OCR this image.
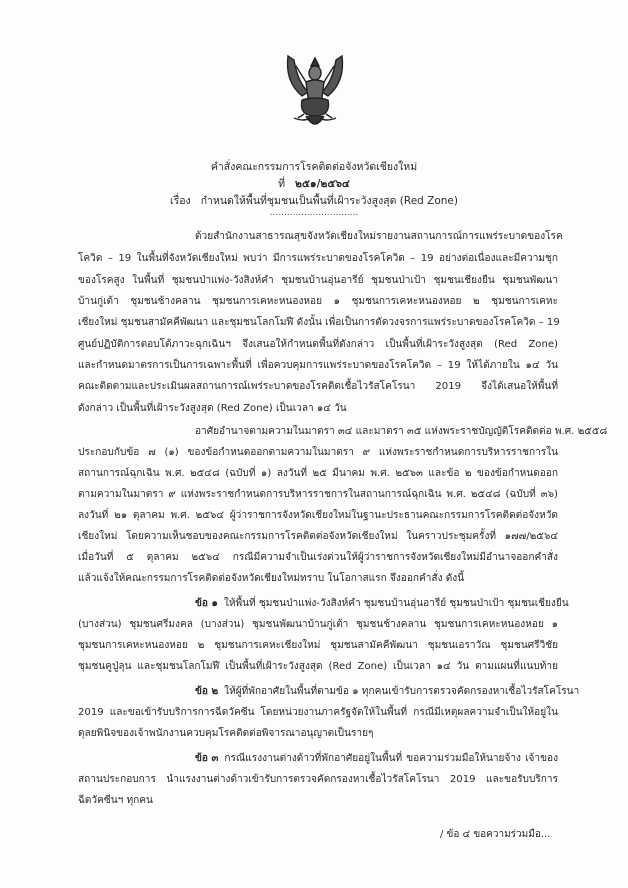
คำสั่งคณะกรรมการโรคติดต่อจังหวัดเชียงใหม่
ที่ ๒๕๑/๒๕๖๔
เรื่อง กำหนดให้พื้นที่ชุมชนเป็นพื้นที่เฝ้าระวังสูงสุด (Red Zone)
...............................
ด้วยสำนักงานสาธารณสุขจังหวัดเชียงใหม่รายงานสถานการณ์การแพร่ระบาดของโรค
โควิด – 19 ในพื้นที่จังหวัดเชียงใหม่ พบว่า มีการแพร่ระบาดของโรคโควิด – 19 อย่างต่อเนื่องและมีความชุก
ของโรคสูง ในพื้นที่ ชุมชนป่าแพ่ง-วังสิงห์คำ ชุมชนบ้านอุ่นอารีย์ ชุมชนป่าเป้า ชุมชนเชียงยืน ชุมชนพัฒนา
บ้านกู่เต้า ชุมชนช้างคลาน ชุมชนการเคหะหนองหอย ๑ ชุมชนการเคหะหนองหอย ๒ ชุมชนการเคหะ
เชียงใหม่ ชุมชนสามัคคีพัฒนา และชุมชนโลกโมฬี ดังนั้น เพื่อเป็นการตัดวงจรการแพร่ระบาดของโรคโควิด – 19
ศูนย์ปฏิบัติการตอบโต้ภาวะฉุกเฉินฯ จึงเสนอให้กำหนดพื้นที่ดังกล่าว เป็นพื้นที่เฝ้าระวังสูงสุด (Red Zone)
และกำหนดมาตรการเป็นการเฉพาะพื้นที่ เพื่อควบคุมการแพร่ระบาดของโรคโควิด – 19 ให้ได้ภายใน ๑๔ วัน
คณะติดตามและประเมินผลสถานการณ์เพร่ระบาดของโรคติดเชื้อไวรัสโคโรนา 2019 จึงได้เสนอให้พื้นที่
ดังกล่าว เป็นพื้นที่เฝ้าระวังสูงสุด (Red Zone) เป็นเวลา ๑๔ วัน
อาศัยอำนาจตามความในมาตรา ๓๔ และมาตรา ๓๕ แห่งพระราชบัญญัติโรคติดต่อ พ.ศ. ๒๕๕๘
ประกอบกับข้อ ๗ (๑) ของข้อกำหนดออกตามความในมาตรา ๙ แห่งพระราชกำหนดการบริหารราชการใน
สถานการณ์ฉุกเฉิน พ.ศ. ๒๕๔๘ (ฉบับที่ ๑) ลงวันที่ ๒๕ มีนาคม พ.ศ. ๒๕๖๓ และข้อ ๒ ของข้อกำหนดออก
ตามความในมาตรา ๙ แห่งพระราชกำหนดการบริหารราชการในสถานการณ์ฉุกเฉิน พ.ศ. ๒๕๔๘ (ฉบับที่ ๓๖)
ลงวันที่ ๒๑ ตุลาคม พ.ศ. ๒๕๖๔ ผู้ว่าราชการจังหวัดเชียงใหม่ในฐานะประธานคณะกรรมการโรคติดต่อจังหวัด
เชียงใหม่ โดยความเห็นชอบของคณะกรรมการโรคติดต่อจังหวัดเชียงใหม่ ในคราวประชุมครั้งที่ ๑๗๗/๒๕๖๔
เมื่อวันที่ ๕ ตุลาคม ๒๕๖๔ กรณีมีความจำเป็นเร่งด่วนให้ผู้ว่าราชการจังหวัดเชียงใหม่มีอำนาจออกคำสั่ง
แล้วแจ้งให้คณะกรรมการโรคติดต่อจังหวัดเชียงใหม่ทราบ ในโอกาสแรก จึงออกคำสั่ง ดังนี้
ข้อ ๑ ให้พื้นที่ ชุมชนป่าแพ่ง-วังสิงห์คำ ชุมชนบ้านอุ่นอารีย์ ชุมชนป่าเป้า ชุมชนเชียงยืน
(บางส่วน) ชุมชนศรีมงคล (บางส่วน) ชุมชนพัฒนาบ้านกู่เต้า ชุมชนช้างคลาน ชุมชนการเคหะหนองหอย ๑
ชุมชนการเคหะหนองหอย ๒ ชุมชนการเคหะเชียงใหม่ ชุมชนสามัคคีพัฒนา ชุมชนเอราวัณ ชุมชนศรีวิชัย
ชุมชนคูปู่ลุน และชุมชนโลกโมฬี เป็นพื้นที่เฝ้าระวังสูงสุด (Red Zone) เป็นเวลา ๑๔ วัน ตามแผนที่แนบท้าย
ข้อ ๒ ให้ผู้ที่พักอาศัยในพื้นที่ตามข้อ ๑ ทุกคนเข้ารับการตรวจคัดกรองหาเชื้อไวรัสโคโรนา
2019 และขอเข้ารับบริการการฉีดวัคซีน โดยหน่วยงานภาครัฐจัดให้ในพื้นที่ กรณีมีเหตุผลความจำเป็นให้อยู่ใน
ดุลยพินิจของเจ้าพนักงานควบคุมโรคติดต่อพิจารณาอนุญาตเป็นรายๆ
ข้อ ๓ กรณีแรงงานต่างด้าวที่พักอาศัยอยู่ในพื้นที่ ขอความร่วมมือให้นายจ้าง เจ้าของ
สถานประกอบการ นำแรงงานต่างด้าวเข้ารับการตรวจคัดกรองหาเชื้อไวรัสโคโรนา 2019 และขอรับบริการ
ฉีดวัคซีนฯ ทุกคน
/ ข้อ ๔ ขอความร่วมมือ...
